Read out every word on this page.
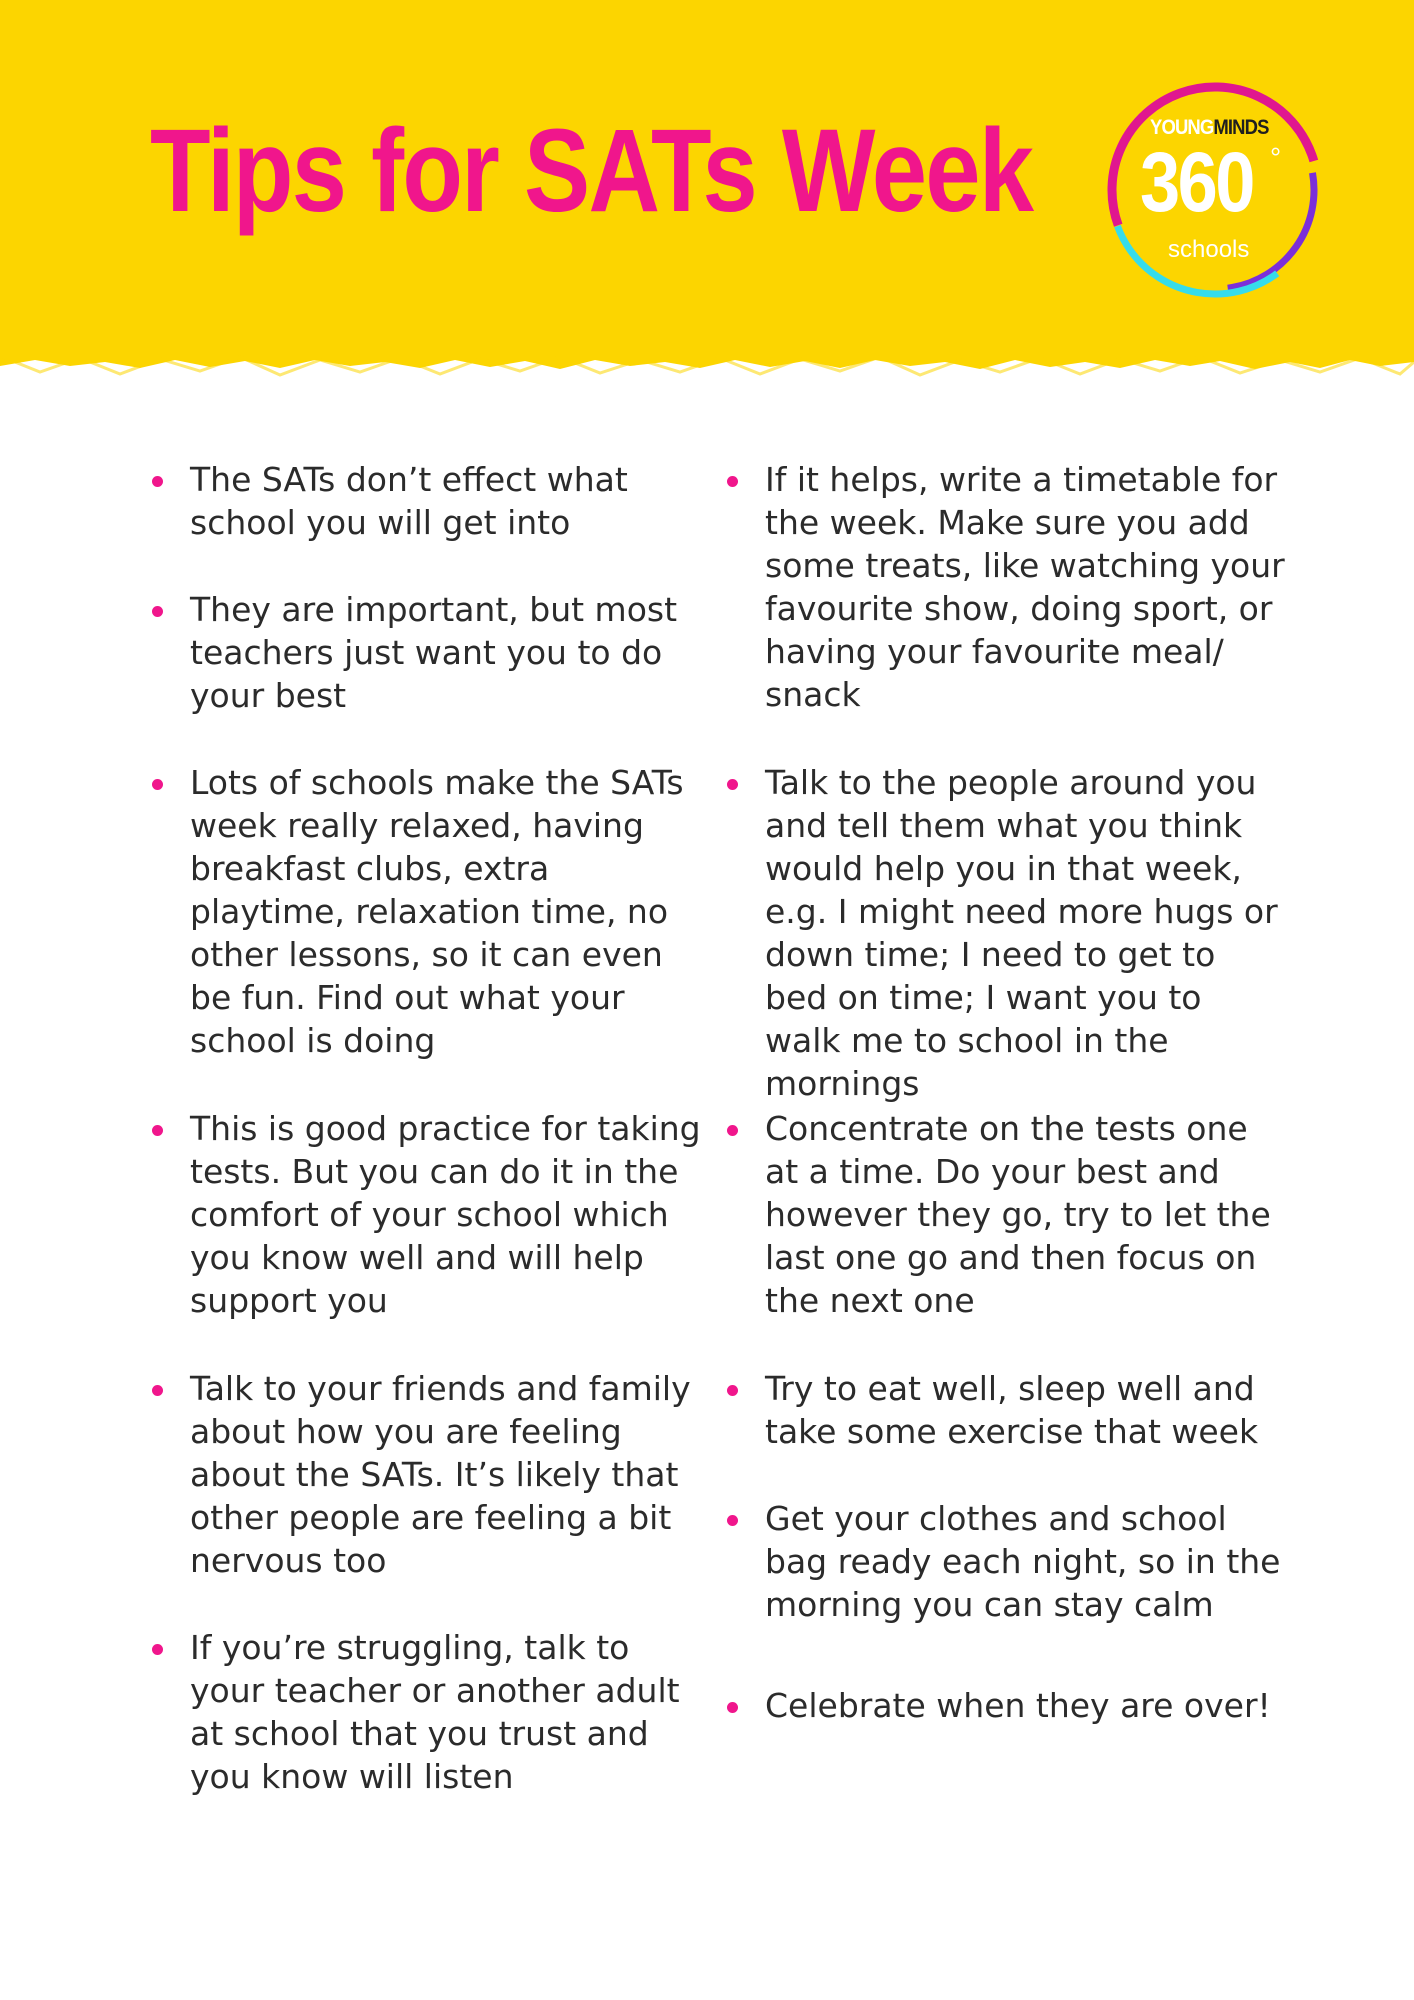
Tips for SATs Week	YOUNGMINDS
360 °
schools
The SATs don’t effect what school you will get into
They are important, but most teachers just want you to do your best
Lots of schools make the SATs week really relaxed, having breakfast clubs, extra playtime, relaxation time, no other lessons, so it can even be fun. Find out what your school is doing
This is good practice for taking tests. But you can do it in the comfort of your school which you know well and will help support you
Talk to your friends and family about how you are feeling about the SATs. It’s likely that other people are feeling a bit nervous too
If you’re struggling, talk to your teacher or another adult at school that you trust and you know will listen
If it helps, write a timetable for the week. Make sure you add some treats, like watching your favourite show, doing sport, or having your favourite meal/ snack
Talk to the people around you and tell them what you think would help you in that week, e.g. I might need more hugs or down time; I need to get to bed on time; I want you to walk me to school in the mornings
Concentrate on the tests one at a time. Do your best and however they go, try to let the last one go and then focus on the next one
Try to eat well, sleep well and take some exercise that week
Get your clothes and school bag ready each night, so in the morning you can stay calm
Celebrate when they are over!
